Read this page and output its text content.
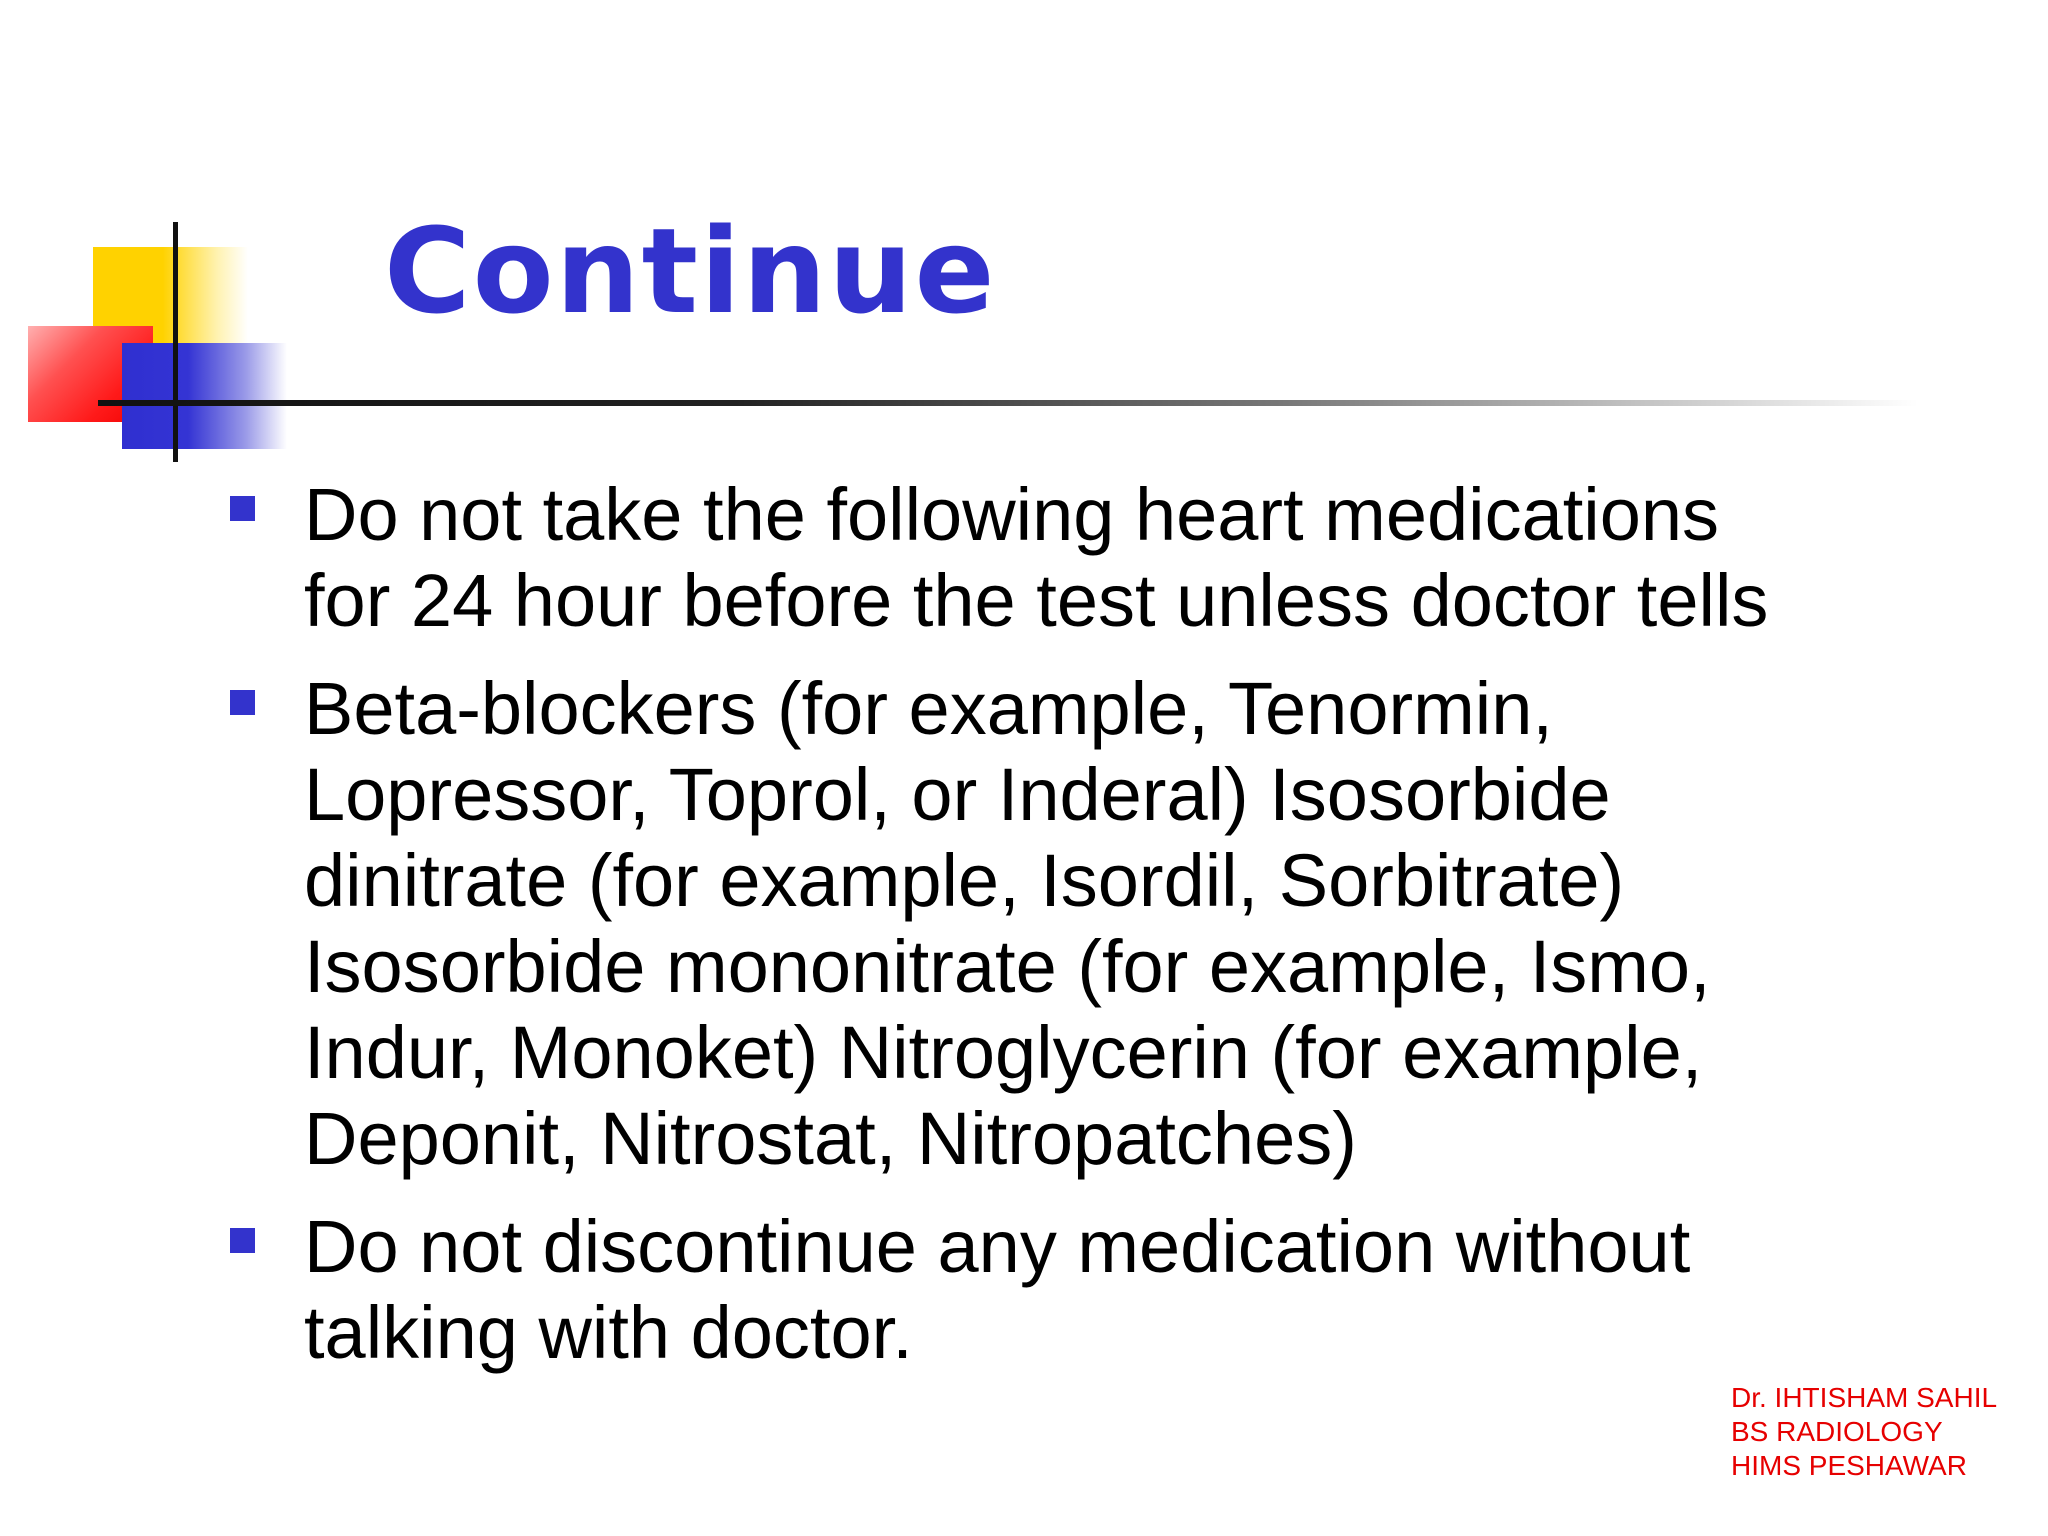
Continue
Do not take the following heart medications
for 24 hour before the test unless doctor tells
Beta-blockers (for example, Tenormin,
Lopressor, Toprol, or Inderal) Isosorbide
dinitrate (for example, Isordil, Sorbitrate)
Isosorbide mononitrate (for example, Ismo,
Indur, Monoket) Nitroglycerin (for example,
Deponit, Nitrostat, Nitropatches)
Do not discontinue any medication without
talking with doctor.
Dr. IHTISHAM SAHIL
BS RADIOLOGY
HIMS PESHAWAR
